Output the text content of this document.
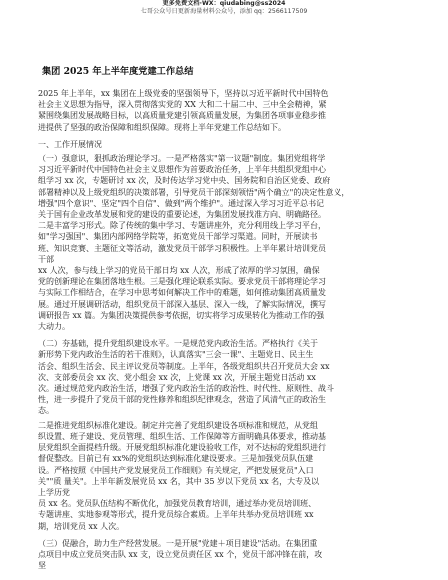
更多免费文档·WX：qiudabing@ss2024
七哥公众号日更新海量材料公众号，添加 qq：2566117509
集团 2025 年上半年度党建工作总结

2025 年上半年，xx 集团在上级党委的坚强领导下，坚持以习近平新时代中国特色

社会主义思想为指导，深入贯彻落实党的 XX 大和二十届二中、三中全会精神，紧

紧围绕集团发展战略目标，以高质量党建引领高质量发展，为集团各项事业稳步推

进提供了坚强的政治保障和组织保障。现将上半年党建工作总结如下。

一、工作开展情况

（一）强意识，狠抓政治理论学习。一是严格落实"第一议题"制度。集团党组将学

习习近平新时代中国特色社会主义思想作为首要政治任务，上半年共组织党组中心

组学习 xx 次，专题研讨 xx 次，及时传达学习党中央、国务院和自治区党委、政府

部署精神以及上级党组织的决策部署，引导党员干部深刻领悟"两个确立"的决定性意义，

增强"四个意识"、坚定"四个自信"、做到"两个维护"。通过深入学习习近平总书记

关于国有企业改革发展和党的建设的重要论述，为集团发展找准方向、明确路径。

二是丰富学习形式。除了传统的集中学习、专题讲座外，充分利用线上学习平台，

如"学习强国"、集团内部网络学院等，拓宽党员干部学习渠道。同时，开展读书

班、知识竞赛、主题征文等活动，激发党员干部学习积极性。上半年累计培训党员

干部

xx 人次，参与线上学习的党员干部日均 xx 人次，形成了浓厚的学习氛围，确保

党的创新理论在集团落地生根。三是强化理论联系实际。要求党员干部将理论学习

与实际工作相结合，在学习中思考如何解决工作中的难题，如何推动集团高质量发

展。通过开展调研活动，组织党员干部深入基层、深入一线，了解实际情况，撰写

调研报告 xx 篇。为集团决策提供参考依据，切实将学习成果转化为推动工作的强

大动力。

（二）夯基础，提升党组织建设水平。一是规范党内政治生活。严格执行《关于

新形势下党内政治生活的若干准则》，认真落实"三会一课"、主题党日、民主生

活会、组织生活会、民主评议党员等制度。上半年，各级党组织共召开党员大会 xx

次、支部委员会 xx 次、党小组会 xx 次，上党课 xx 次，开展主题党日活动 xx

次。通过规范党内政治生活，增强了党内政治生活的政治性、时代性、原则性、战斗

性，进一步提升了党员干部的党性修养和组织纪律观念，营造了风清气正的政治生

态。

二是推进党组织标准化建设。制定并完善了党组织建设各项标准和规范，从党组

织设置、班子建设、党员管理、组织生活、工作保障等方面明确具体要求，推动基

层党组织全面提档升级。开展党组织标准化建设验收工作，对不达标的党组织进行

督促整改。目前已有 xx%的党组织达到标准化建设要求。三是加强党员队伍建

设。严格按照《中国共产党发展党员工作细则》有关规定，严把发展党员"入口

关""质 量关"。上半年新发展党员 xx 名，其中 35 岁以下党员 xx 名，大专及以

上学历党

员 xx 名。党员队伍结构不断优化，加强党员教育培训，通过举办党员培训班、

专题讲座、实地参观等形式，提升党员综合素质。上半年共举办党员培训班 xx

期，培训党员 xx 人次。

（三）促融合，助力生产经营发展。一是开展"党建＋项目建设"活动。在集团重

点项目中成立党员突击队 xx 支，设立党员责任区 xx 个，党员干部冲锋在前，攻

坚
